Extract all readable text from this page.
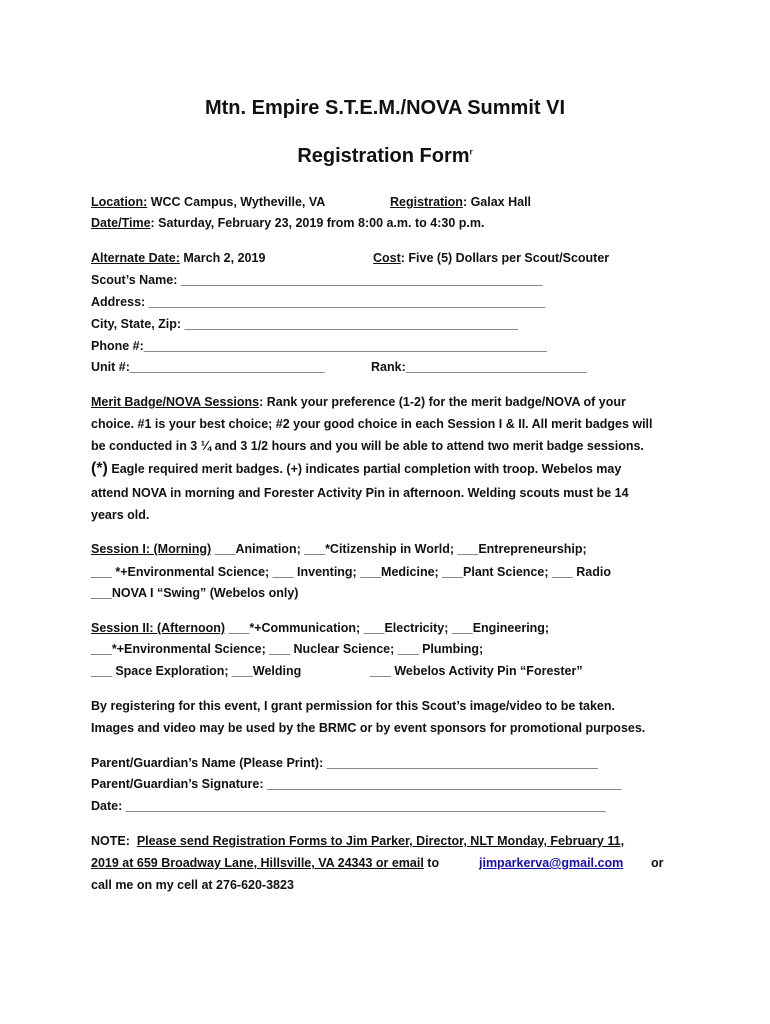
Mtn. Empire S.T.E.M./NOVA Summit VI
Registration Form$^r$
Location: WCC Campus, Wytheville, VA	Registration: Galax Hall
Date/Time: Saturday, February 23, 2019 from 8:00 a.m. to 4:30 p.m.
Alternate Date: March 2, 2019	Cost: Five (5) Dollars per Scout/Scouter
Scout’s Name: ____________________________________________________
Address: _________________________________________________________
City, State, Zip: ________________________________________________
Phone #:__________________________________________________________
Unit #:____________________________	Rank:__________________________
Merit Badge/NOVA Sessions: Rank your preference (1-2) for the merit badge/NOVA of your
choice. #1 is your best choice; #2 your good choice in each Session I & II. All merit badges will
be conducted in 3 ¼ and 3 1/2 hours and you will be able to attend two merit badge sessions.
(*) Eagle required merit badges. (+) indicates partial completion with troop. Webelos may
attend NOVA in morning and Forester Activity Pin in afternoon. Welding scouts must be 14
years old.
Session I: (Morning) ___Animation; ___*Citizenship in World; ___Entrepreneurship;
___ *+Environmental Science; ___ Inventing; ___Medicine; ___Plant Science; ___ Radio
___NOVA I “Swing” (Webelos only)
Session II: (Afternoon) ___*+Communication; ___Electricity; ___Engineering;
___*+Environmental Science; ___ Nuclear Science; ___ Plumbing;
___ Space Exploration; ___Welding	___ Webelos Activity Pin “Forester”
By registering for this event, I grant permission for this Scout’s image/video to be taken.
Images and video may be used by the BRMC or by event sponsors for promotional purposes.
Parent/Guardian’s Name (Please Print): _______________________________________
Parent/Guardian’s Signature: ___________________________________________________
Date: _____________________________________________________________________
NOTE: Please send Registration Forms to Jim Parker, Director, NLT Monday, February 11,
2019 at 659 Broadway Lane, Hillsville, VA 24343 or email to	jimparkerva@gmail.com or
call me on my cell at 276-620-3823
